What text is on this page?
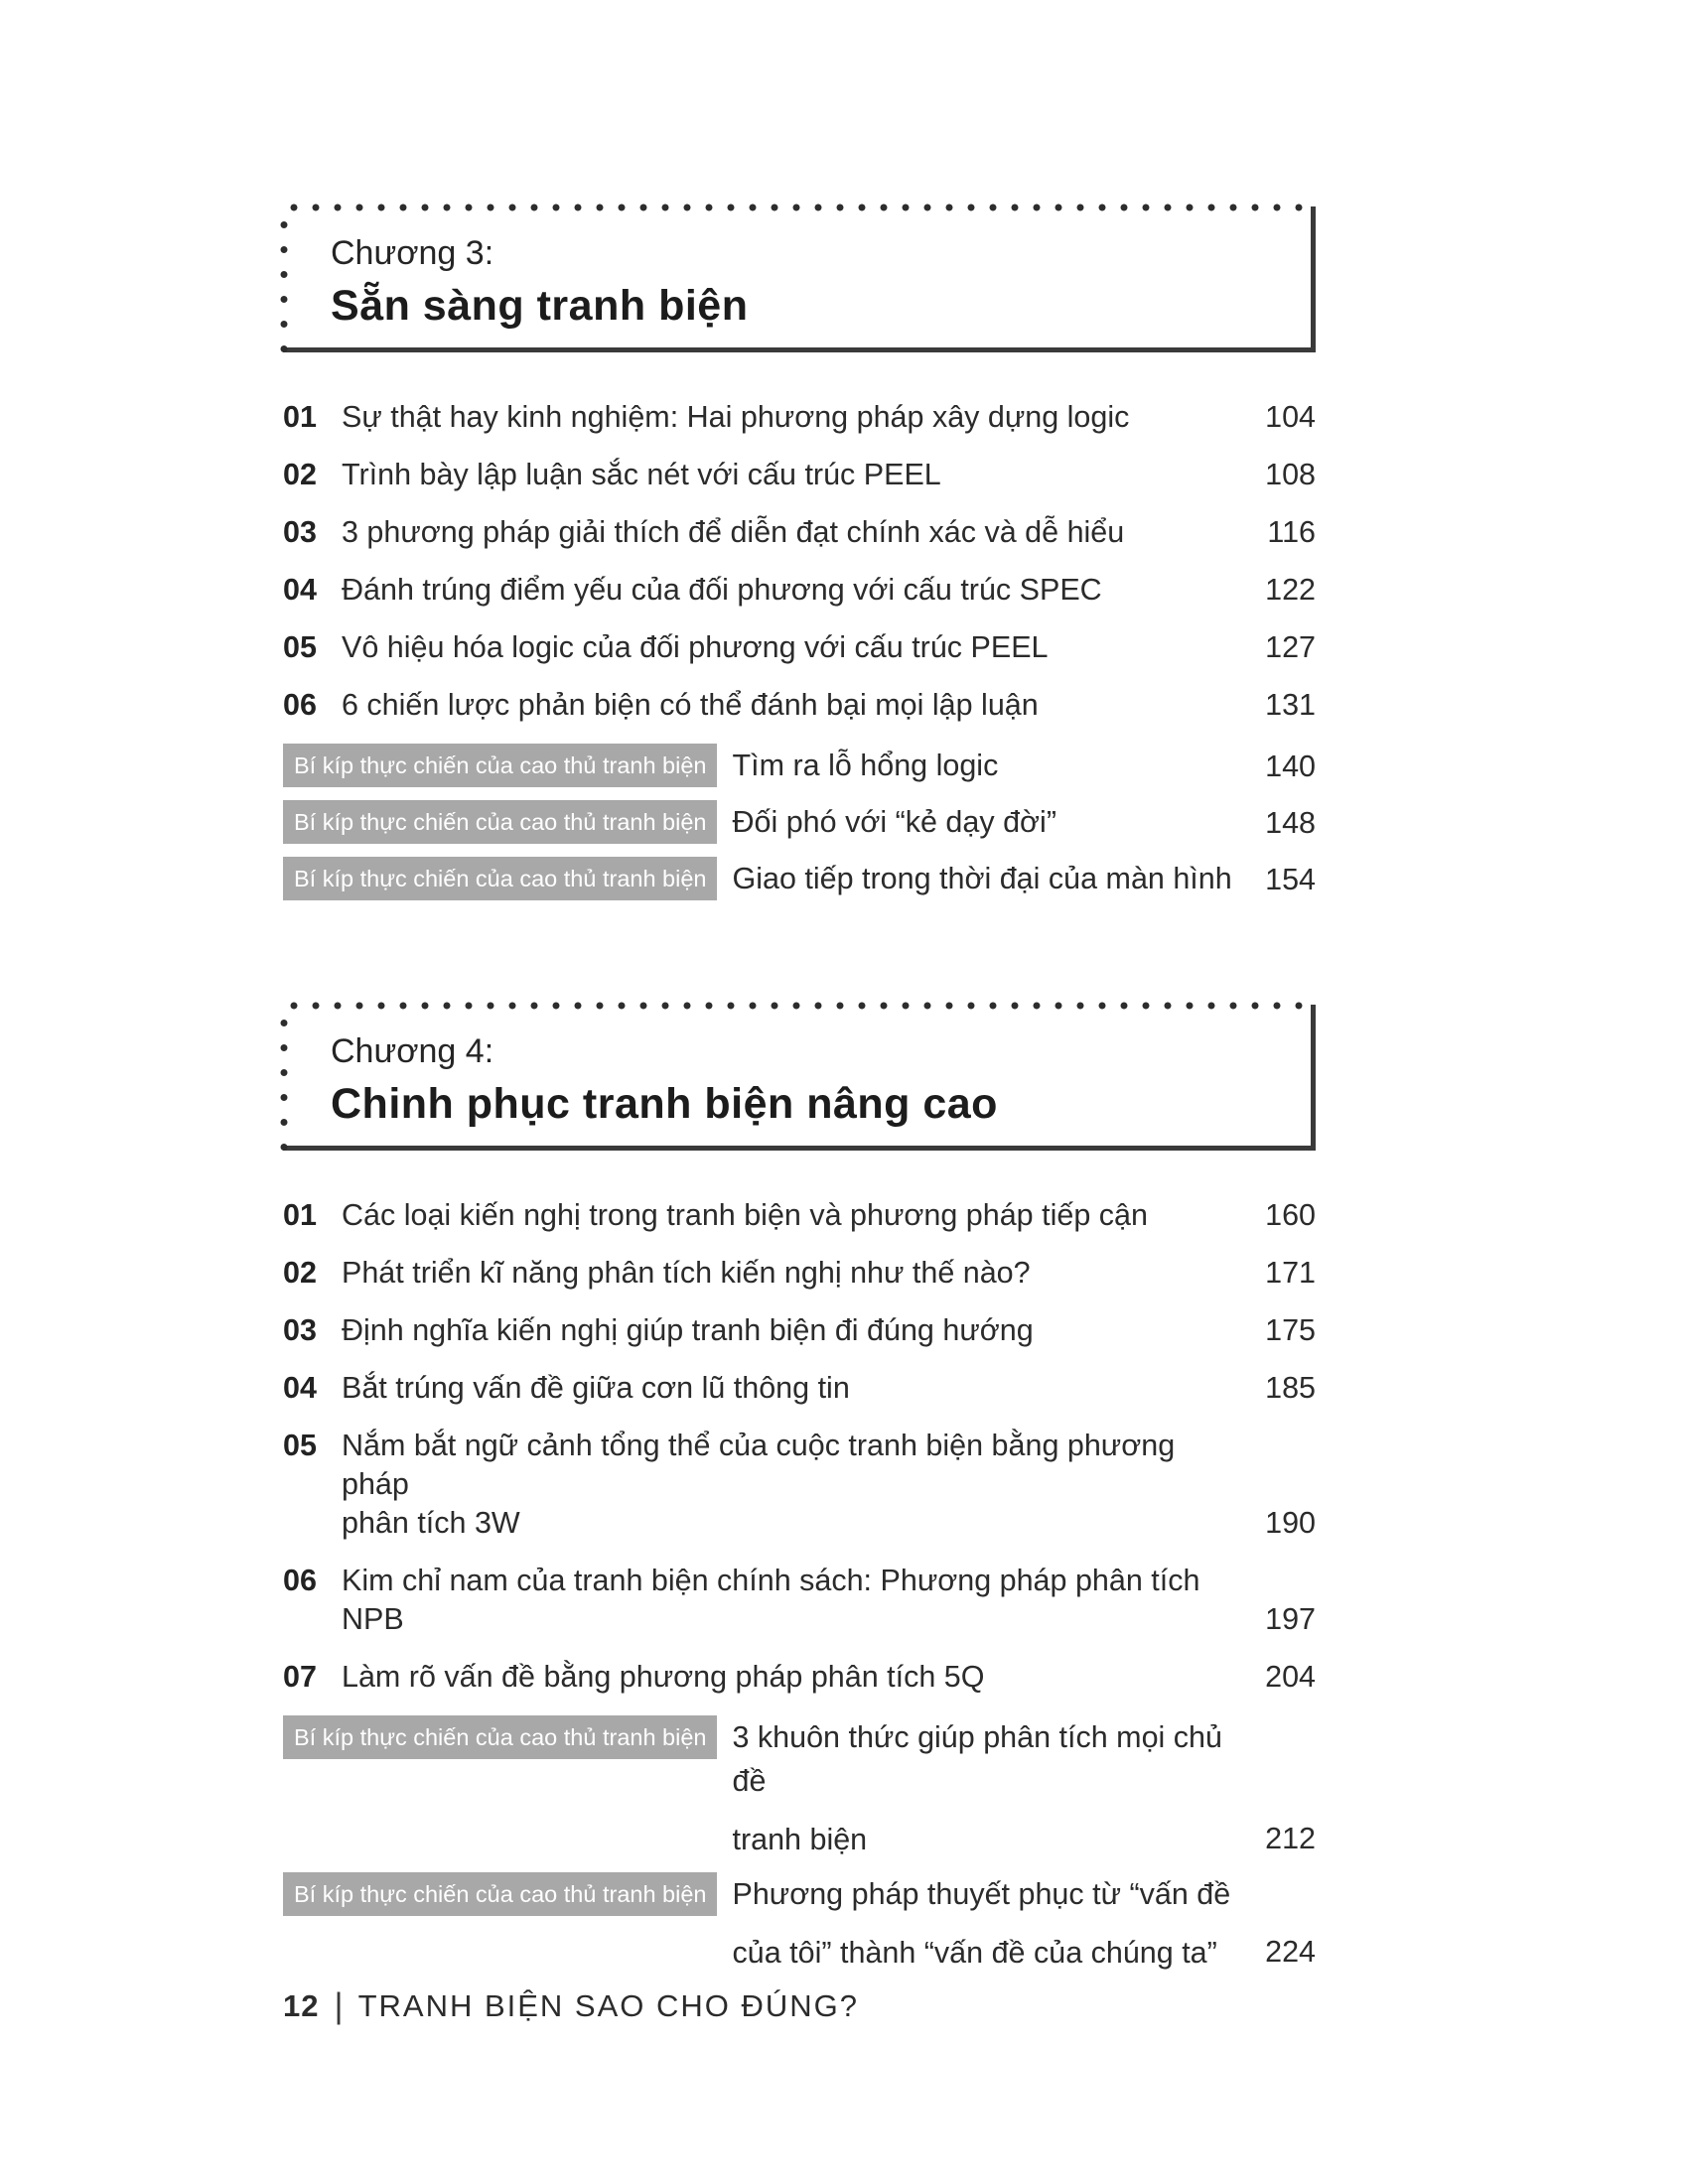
Chương 3:
Sẵn sàng tranh biện
01 Sự thật hay kinh nghiệm: Hai phương pháp xây dựng logic	104
02 Trình bày lập luận sắc nét với cấu trúc PEEL	108
03 3 phương pháp giải thích để diễn đạt chính xác và dễ hiểu	116
04 Đánh trúng điểm yếu của đối phương với cấu trúc SPEC	122
05 Vô hiệu hóa logic của đối phương với cấu trúc PEEL	127
06 6 chiến lược phản biện có thể đánh bại mọi lập luận	131
Bí kíp thực chiến của cao thủ tranh biện Tìm ra lỗ hổng logic	140
Bí kíp thực chiến của cao thủ tranh biện Đối phó với “kẻ dạy đời”	148
Bí kíp thực chiến của cao thủ tranh biện Giao tiếp trong thời đại của màn hình	154
Chương 4:
Chinh phục tranh biện nâng cao
01 Các loại kiến nghị trong tranh biện và phương pháp tiếp cận	160
02 Phát triển kĩ năng phân tích kiến nghị như thế nào?	171
03 Định nghĩa kiến nghị giúp tranh biện đi đúng hướng	175
04 Bắt trúng vấn đề giữa cơn lũ thông tin	185
05 Nắm bắt ngữ cảnh tổng thể của cuộc tranh biện bằng phương pháp
phân tích 3W	190
06 Kim chỉ nam của tranh biện chính sách: Phương pháp phân tích NPB	197
07 Làm rõ vấn đề bằng phương pháp phân tích 5Q	204
Bí kíp thực chiến của cao thủ tranh biện 3 khuôn thức giúp phân tích mọi chủ đề
tranh biện	212
Bí kíp thực chiến của cao thủ tranh biện Phương pháp thuyết phục từ “vấn đề
của tôi” thành “vấn đề của chúng ta”	224
12 | TRANH BIỆN SAO CHO ĐÚNG?
